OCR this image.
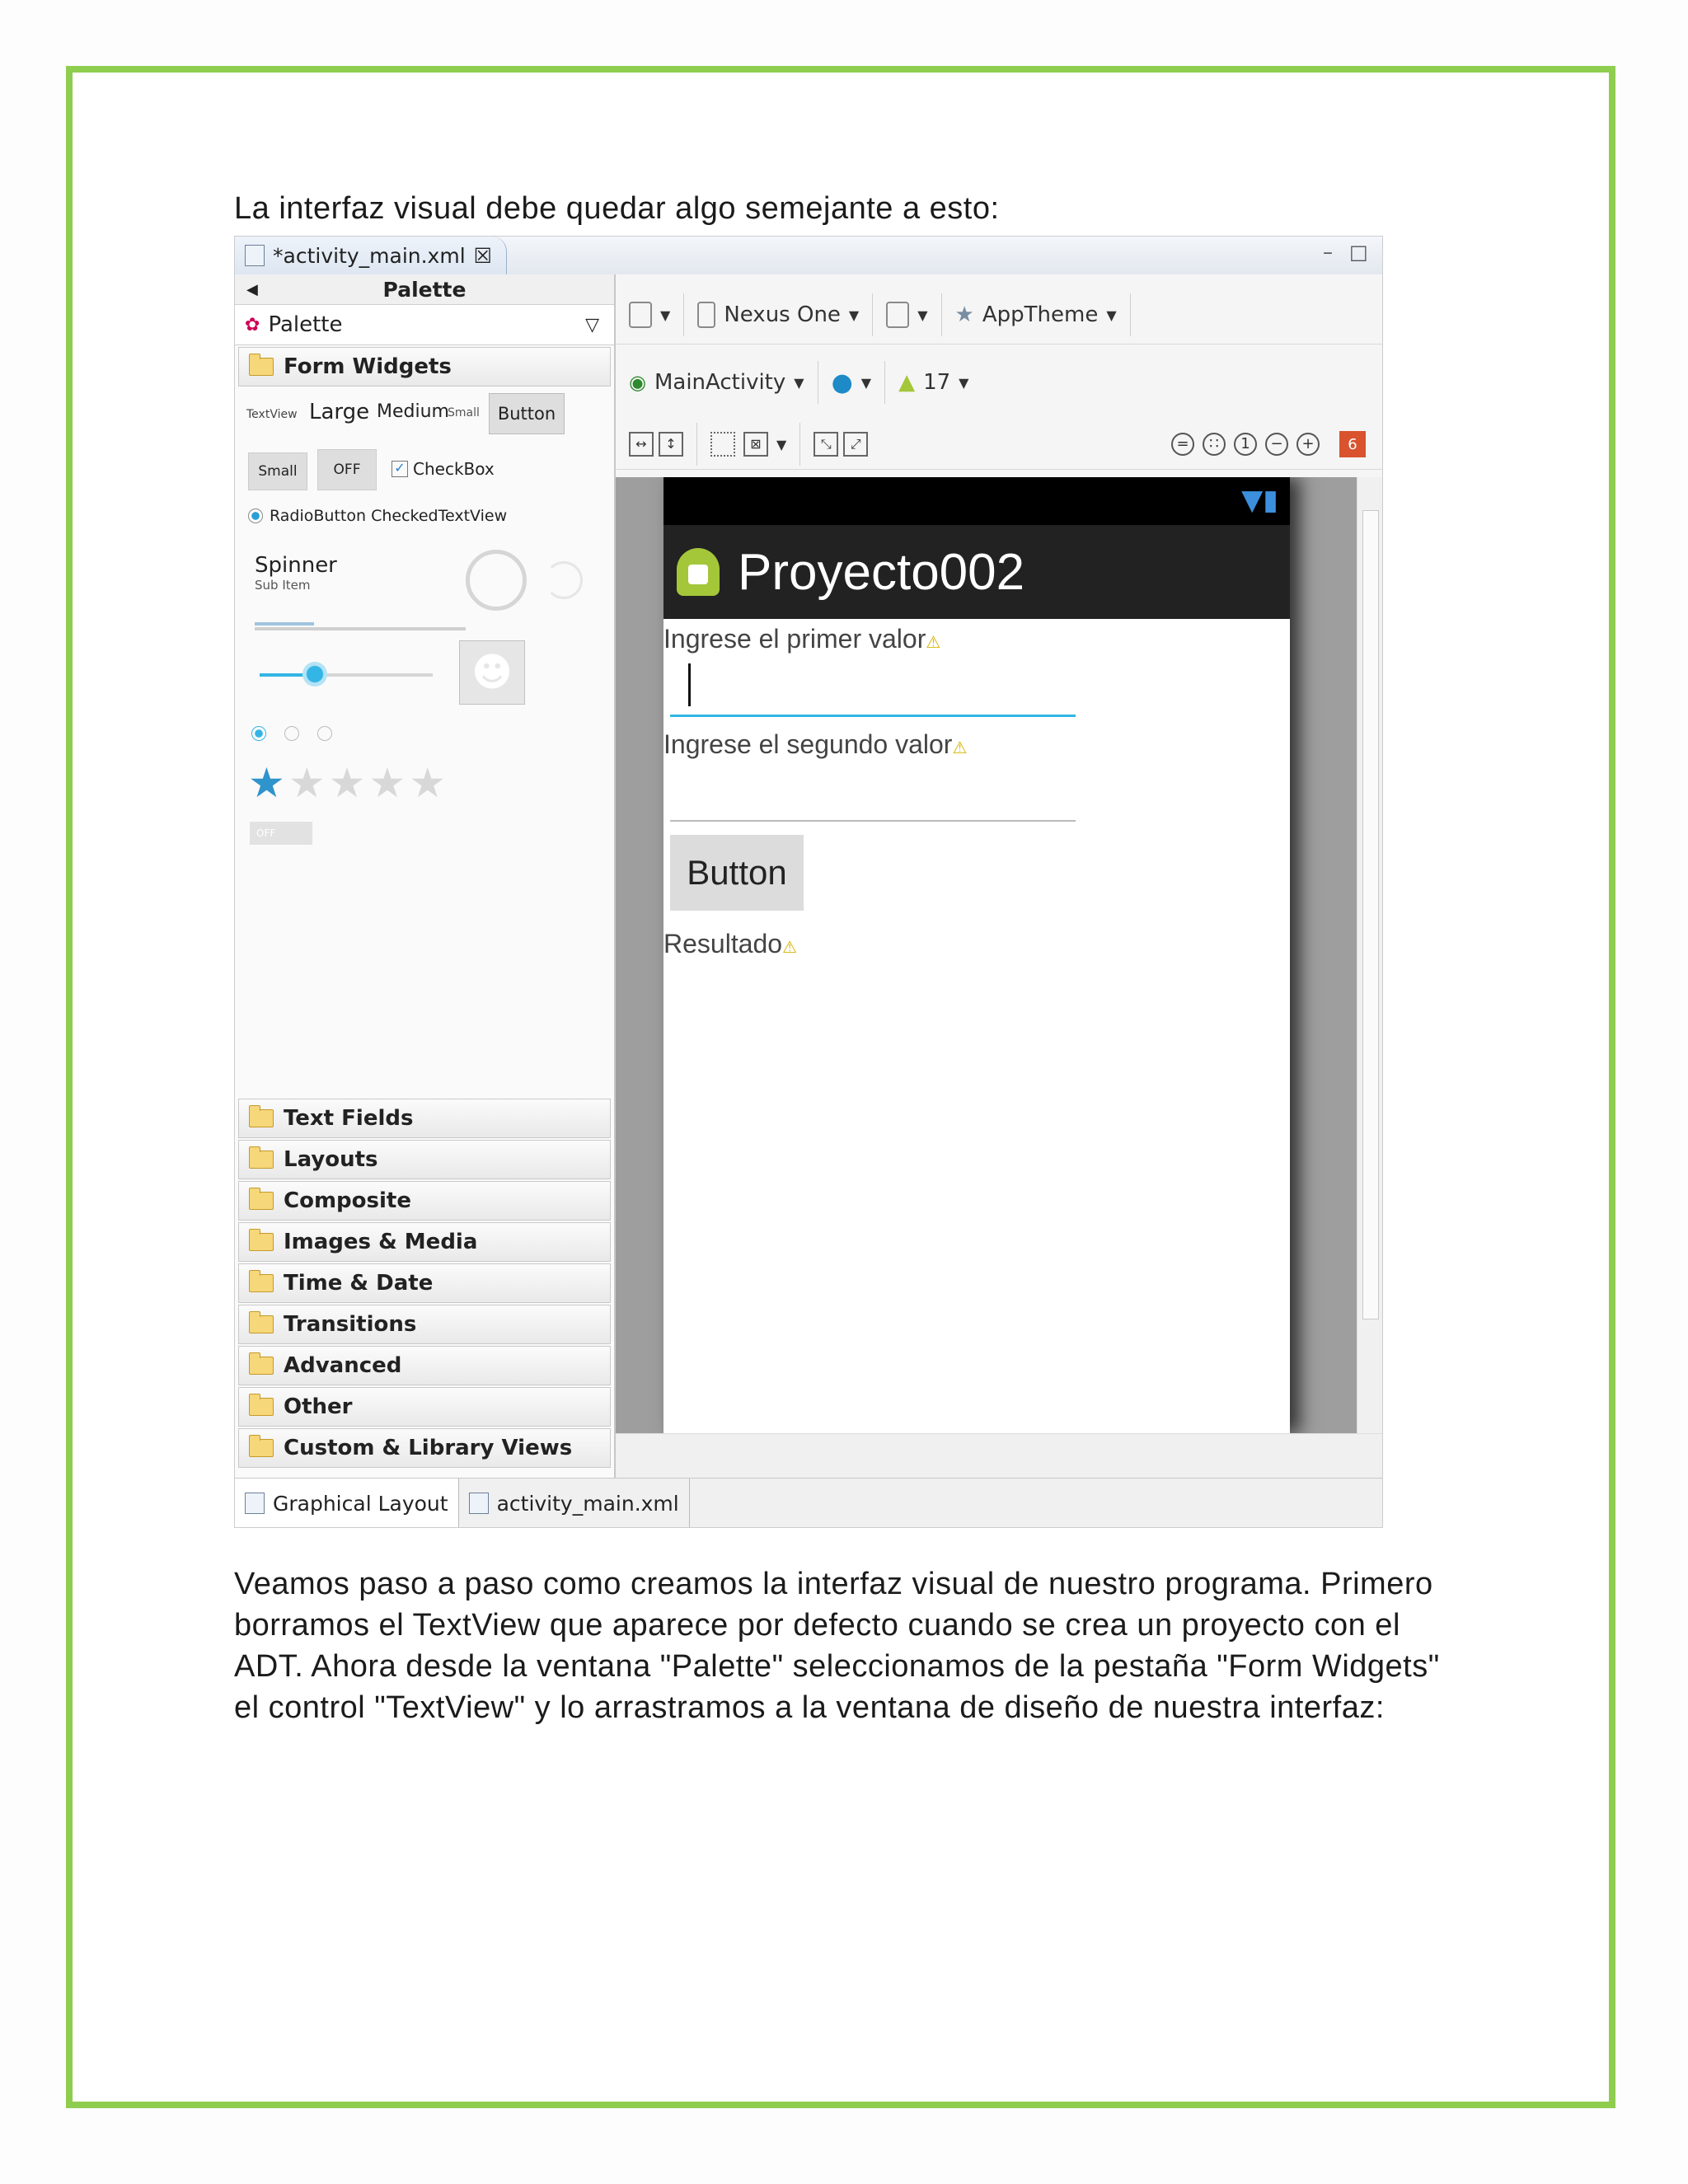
La interfaz visual debe quedar algo semejante a esto:
*activity_main.xml ☒	– □
◀	Palette
✿ Palette	▽
Form Widgets
TextView Large Medium
Small	Button
Small	OFF	✓ CheckBox
RadioButton CheckedTextView
Spinner
Sub Item
☻
★★★★★
OFF
Text Fields
Layouts
Composite
Images & Media
Time & Date
Transitions
Advanced
Other
Custom & Library Views
▼	Nexus One ▼	▼ ★ AppTheme ▼
◉ MainActivity ▼ ● ▼ ▲ 17 ▼
↔	↕	⊠	▼	⤡	⤢	=	∷	1	−	+	6
▼▮
Proyecto002
Ingrese el primer valor⚠
Ingrese el segundo valor⚠
Button
Resultado⚠
Graphical Layout activity_main.xml
Veamos paso a paso como creamos la interfaz visual de nuestro programa. Primero borramos el TextView que aparece por defecto cuando se crea un proyecto con el ADT. Ahora desde la ventana "Palette" seleccionamos de la pestaña "Form Widgets" el control "TextView" y lo arrastramos a la ventana de diseño de nuestra interfaz:
